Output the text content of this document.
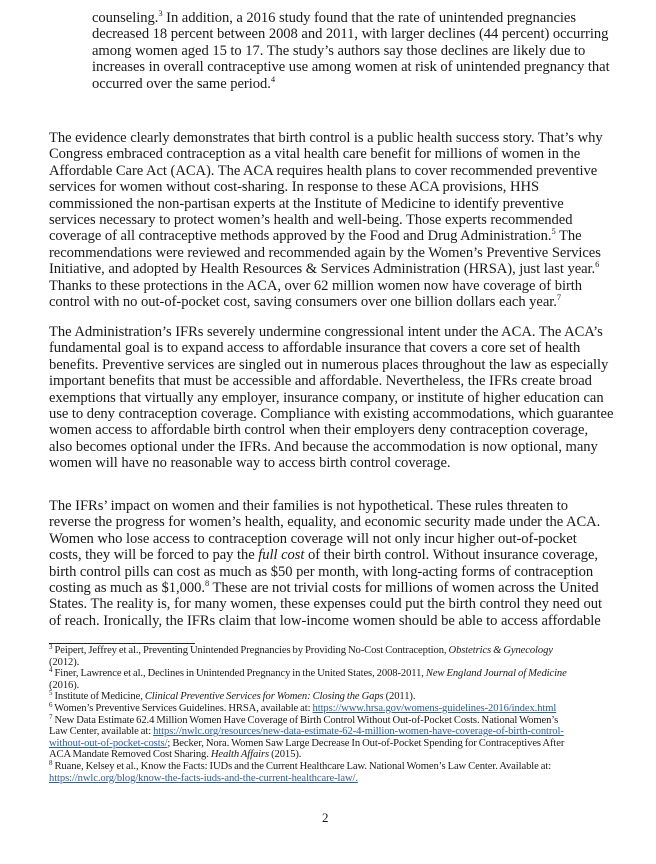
counseling.$^3$ In addition, a 2016 study found that the rate of unintended pregnancies
decreased 18 percent between 2008 and 2011, with larger declines (44 percent) occurring
among women aged 15 to 17. The study’s authors say those declines are likely due to
increases in overall contraceptive use among women at risk of unintended pregnancy that
occurred over the same period.$^4$
The evidence clearly demonstrates that birth control is a public health success story. That’s why
Congress embraced contraception as a vital health care benefit for millions of women in the
Affordable Care Act (ACA). The ACA requires health plans to cover recommended preventive
services for women without cost-sharing. In response to these ACA provisions, HHS
commissioned the non-partisan experts at the Institute of Medicine to identify preventive
services necessary to protect women’s health and well-being. Those experts recommended
coverage of all contraceptive methods approved by the Food and Drug Administration.$^5$ The
recommendations were reviewed and recommended again by the Women’s Preventive Services
Initiative, and adopted by Health Resources & Services Administration (HRSA), just last year.$^6$
Thanks to these protections in the ACA, over 62 million women now have coverage of birth
control with no out-of-pocket cost, saving consumers over one billion dollars each year.$^7$
The Administration’s IFRs severely undermine congressional intent under the ACA. The ACA’s
fundamental goal is to expand access to affordable insurance that covers a core set of health
benefits. Preventive services are singled out in numerous places throughout the law as especially
important benefits that must be accessible and affordable. Nevertheless, the IFRs create broad
exemptions that virtually any employer, insurance company, or institute of higher education can
use to deny contraception coverage. Compliance with existing accommodations, which guarantee
women access to affordable birth control when their employers deny contraception coverage,
also becomes optional under the IFRs. And because the accommodation is now optional, many
women will have no reasonable way to access birth control coverage.
The IFRs’ impact on women and their families is not hypothetical. These rules threaten to
reverse the progress for women’s health, equality, and economic security made under the ACA.
Women who lose access to contraception coverage will not only incur higher out-of-pocket
costs, they will be forced to pay the full cost of their birth control. Without insurance coverage,
birth control pills can cost as much as $50 per month, with long-acting forms of contraception
costing as much as $1,000.$^8$ These are not trivial costs for millions of women across the United
States. The reality is, for many women, these expenses could put the birth control they need out
of reach. Ironically, the IFRs claim that low-income women should be able to access affordable
$^3$ Peipert, Jeffrey et al., Preventing Unintended Pregnancies by Providing No-Cost Contraception, Obstetrics & Gynecology
(2012).
$^4$ Finer, Lawrence et al., Declines in Unintended Pregnancy in the United States, 2008-2011, New England Journal of Medicine
(2016).
$^5$ Institute of Medicine, Clinical Preventive Services for Women: Closing the Gaps (2011).
$^6$ Women’s Preventive Services Guidelines. HRSA, available at: https://www.hrsa.gov/womens-guidelines-2016/index.html
$^7$ New Data Estimate 62.4 Million Women Have Coverage of Birth Control Without Out-of-Pocket Costs. National Women’s
Law Center, available at: https://nwlc.org/resources/new-data-estimate-62-4-million-women-have-coverage-of-birth-control-
without-out-of-pocket-costs/; Becker, Nora. Women Saw Large Decrease In Out-of-Pocket Spending for Contraceptives After
ACA Mandate Removed Cost Sharing. Health Affairs (2015).
$^8$ Ruane, Kelsey et al., Know the Facts: IUDs and the Current Healthcare Law. National Women’s Law Center. Available at:
https://nwlc.org/blog/know-the-facts-iuds-and-the-current-healthcare-law/.
2
